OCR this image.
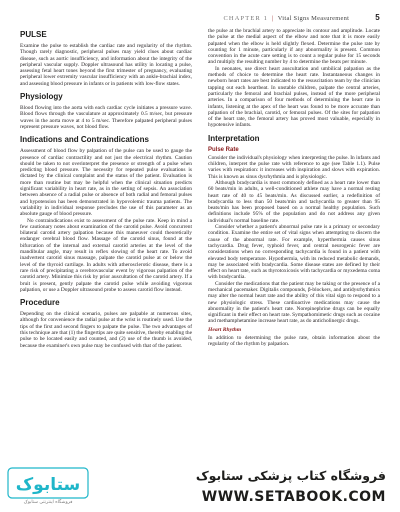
CHAPTER 1 | Vital Signs Measurement	5
PULSE

Examine the pulse to establish the cardiac rate and regularity of the rhythm. Though rarely diagnostic, peripheral pulses may yield clues about cardiac disease, such as aortic insufficiency, and information about the integrity of the peripheral vascular supply. Doppler ultrasound has utility in locating a pulse, assessing fetal heart tones beyond the first trimester of pregnancy, evaluating peripheral lower extremity vascular insufficiency with an ankle-brachial index, and assessing blood pressure in infants or in patients with low-flow states.

Physiology

Blood flowing into the aorta with each cardiac cycle initiates a pressure wave. Blood flows through the vasculature at approximately 0.5 m/sec, but pressure waves in the aorta move at 4 to 5 m/sec. Therefore palpated peripheral pulses represent pressure waves, not blood flow.

Indications and Contraindications

Assessment of blood flow by palpation of the pulse can be used to gauge the presence of cardiac contractility and not just the electrical rhythm. Caution should be taken to not overinterpret the presence or strength of a pulse when predicting blood pressure. The necessity for repeated pulse evaluations is dictated by the clinical complaint and the status of the patient. Evaluation is more than routine but may be helpful when the clinical situation predicts significant variability in heart rate, as in the setting of sepsis. An association between absence of a radial pulse or absence of both radial and femoral pulses and hypotension has been demonstrated in hypovolemic trauma patients. The variability in individual response precludes the use of this parameter as an absolute gauge of blood pressure.

No contraindications exist to assessment of the pulse rate. Keep in mind a few cautionary notes about examination of the carotid pulse. Avoid concurrent bilateral carotid artery palpation because this maneuver could theoretically endanger cerebral blood flow. Massage of the carotid sinus, found at the bifurcation of the internal and external carotid arteries at the level of the mandibular angle, may result in reflex slowing of the heart rate. To avoid inadvertent carotid sinus massage, palpate the carotid pulse at or below the level of the thyroid cartilage. In adults with atherosclerotic disease, there is a rare risk of precipitating a cerebrovascular event by vigorous palpation of the carotid artery. Minimize this risk by prior auscultation of the carotid artery. If a bruit is present, gently palpate the carotid pulse while avoiding vigorous palpation, or use a Doppler ultrasound probe to assess carotid flow instead.

Procedure

Depending on the clinical scenario, pulses are palpable at numerous sites, although for convenience the radial pulse at the wrist is routinely used. Use the tips of the first and second fingers to palpate the pulse. The two advantages of this technique are that (1) the fingertips are quite sensitive, thereby enabling the pulse to be located easily and counted, and (2) use of the thumb is avoided, because the examiner's own pulse may be confused with that of the patient.

the pulse at the brachial artery to appreciate its contour and amplitude. Locate the pulse at the medial aspect of the elbow and note that it is more easily palpated when the elbow is held slightly flexed. Determine the pulse rate by counting for 1 minute, particularly if any abnormality is present. Common convention in the acute care setting is to count a regular pulse for 15 seconds and multiply the resulting number by 4 to determine the beats per minute.

In neonates, use direct heart auscultation and umbilical palpation as the methods of choice to determine the heart rate. Instantaneous changes in newborn heart rates are best indicated to the resuscitation team by the clinician tapping out each heartbeat. In unstable children, palpate the central arteries, particularly the femoral and brachial pulses, instead of the more peripheral arteries. In a comparison of four methods of determining the heart rate in infants, listening at the apex of the heart was found to be more accurate than palpation of the brachial, carotid, or femoral pulses. Of the sites for palpation of the heart rate, the femoral artery has proved most valuable, especially in hypotensive infants.

Interpretation
Pulse Rate

Consider the individual's physiology when interpreting the pulse. In infants and children, interpret the pulse rate with reference to age (see Table 1.1). Pulse varies with respiration: it increases with inspiration and slows with expiration. This is known as sinus dysrhythmia and is physiologic.

Although bradycardia is most commonly defined as a heart rate lower than 60 beats/min in adults, a well-conditioned athlete may have a normal resting heart rate of 40 to 45 beats/min. As discussed earlier, a redefinition of bradycardia to less than 50 beats/min and tachycardia to greater than 95 beats/min has been proposed based on a normal healthy population. Such definitions include 95% of the population and do not address any given individual's normal baseline rate.

Consider whether a patient's abnormal pulse rate is a primary or secondary condition. Examine the entire set of vital signs when attempting to discern the cause of the abnormal rate. For example, hyperthermia causes sinus tachycardia. Drug fever, typhoid fever, and central neurogenic fever are considerations when no corresponding tachycardia is found in a patient with elevated body temperature. Hypothermia, with its reduced metabolic demands, may be associated with bradycardia. Some disease states are defined by their effect on heart rate, such as thyrotoxicosis with tachycardia or myxedema coma with bradycardia.

Consider the medications that the patient may be taking or the presence of a mechanical pacemaker. Digitalis compounds, β-blockers, and antidysrhythmics may alter the normal heart rate and the ability of this vital sign to respond to a new physiologic stress. These cardioactive medications may cause the abnormality in the patient's heart rate. Norepinephrine drugs can be equally significant in their effect on heart rate. Sympathomimetic drugs such as cocaine and methamphetamine increase heart rate, as do anticholinergic drugs.

Heart Rhythm

In addition to determining the pulse rate, obtain information about the regularity of the rhythm by palpation.

ستابوک
فروشگاه اینترنتی ستابوک
فروشگاه کتاب پزشکی ستابوک
WWW.SETABOOK.COM
